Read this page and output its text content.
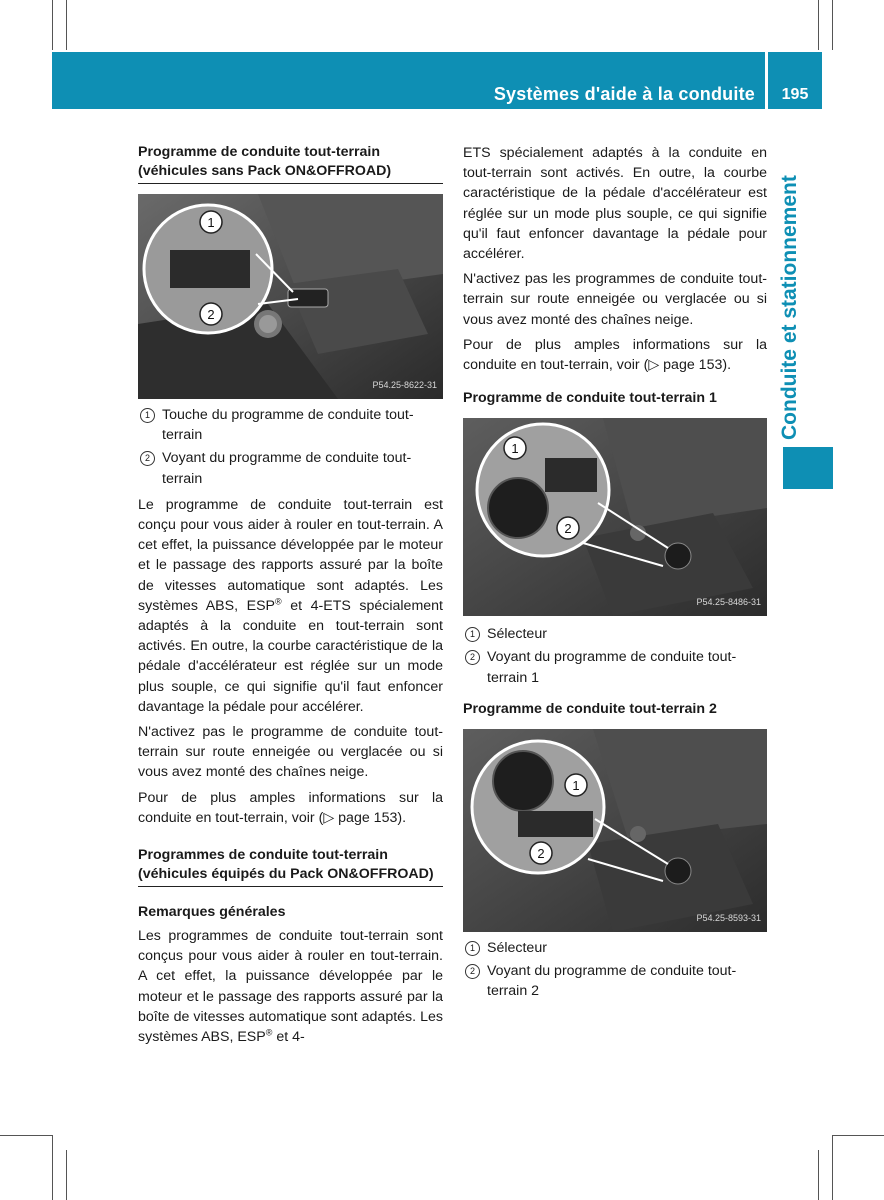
Systèmes d'aide à la conduite	195
Conduite et stationnement
Programme de conduite tout-terrain (véhicules sans Pack ON&OFFROAD)
1
2
P54.25-8622-31
1 Touche du programme de conduite tout-terrain
2 Voyant du programme de conduite tout-terrain

Le programme de conduite tout-terrain est conçu pour vous aider à rouler en tout-terrain. A cet effet, la puissance développée par le moteur et le passage des rapports assuré par la boîte de vitesses automatique sont adaptés. Les systèmes ABS, ESP® et 4-ETS spécialement adaptés à la conduite en tout-terrain sont activés. En outre, la courbe caractéristique de la pédale d'accélérateur est réglée sur un mode plus souple, ce qui signifie qu'il faut enfoncer davantage la pédale pour accélérer.

N'activez pas le programme de conduite tout-terrain sur route enneigée ou verglacée ou si vous avez monté des chaînes neige.

Pour de plus amples informations sur la conduite en tout-terrain, voir (▷ page 153).

Programmes de conduite tout-terrain (véhicules équipés du Pack ON&OFFROAD)
Remarques générales

Les programmes de conduite tout-terrain sont conçus pour vous aider à rouler en tout-terrain. A cet effet, la puissance développée par le moteur et le passage des rapports assuré par la boîte de vitesses automatique sont adaptés. Les systèmes ABS, ESP® et 4-

ETS spécialement adaptés à la conduite en tout-terrain sont activés. En outre, la courbe caractéristique de la pédale d'accélérateur est réglée sur un mode plus souple, ce qui signifie qu'il faut enfoncer davantage la pédale pour accélérer.

N'activez pas les programmes de conduite tout-terrain sur route enneigée ou verglacée ou si vous avez monté des chaînes neige.

Pour de plus amples informations sur la conduite en tout-terrain, voir (▷ page 153).

Programme de conduite tout-terrain 1
1
2
P54.25-8486-31
1 Sélecteur
2 Voyant du programme de conduite tout-terrain 1
Programme de conduite tout-terrain 2
1
2
P54.25-8593-31
1 Sélecteur
2 Voyant du programme de conduite tout-terrain 2
